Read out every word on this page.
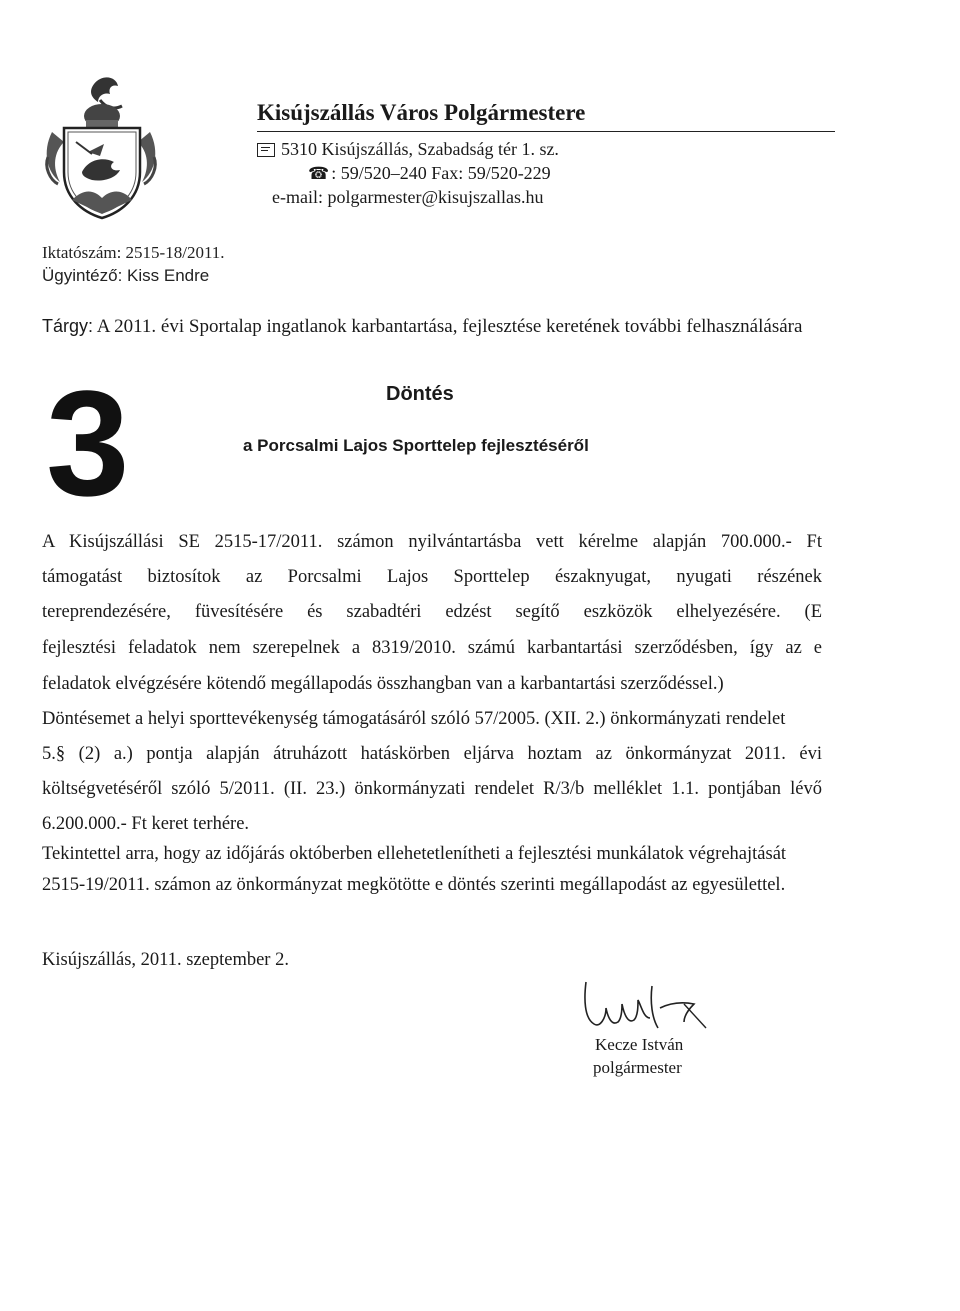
Kisújszállás Város Polgármestere
5310 Kisújszállás, Szabadság tér 1. sz.
☎ : 59/520–240 Fax: 59/520-229
e-mail: polgarmester@kisujszallas.hu
Iktatószám: 2515-18/2011.
Ügyintéző: Kiss Endre
Tárgy: A 2011. évi Sportalap ingatlanok karbantartása, fejlesztése keretének további felhasználására
3	Döntés
a Porcsalmi Lajos Sporttelep fejlesztéséről
A Kisújszállási SE 2515-17/2011. számon nyilvántartásba vett kérelme alapján 700.000.- Ft
támogatást biztosítok az Porcsalmi Lajos Sporttelep északnyugat, nyugati részének
tereprendezésére, füvesítésére és szabadtéri edzést segítő eszközök elhelyezésére. (E
fejlesztési feladatok nem szerepelnek a 8319/2010. számú karbantartási szerződésben, így az e
feladatok elvégzésére kötendő megállapodás összhangban van a karbantartási szerződéssel.)
Döntésemet a helyi sporttevékenység támogatásáról szóló 57/2005. (XII. 2.) önkormányzati rendelet
5.§ (2) a.) pontja alapján átruházott hatáskörben eljárva hoztam az önkormányzat 2011. évi
költségvetéséről szóló 5/2011. (II. 23.) önkormányzati rendelet R/3/b melléklet 1.1. pontjában lévő
6.200.000.- Ft keret terhére.
Tekintettel arra, hogy az időjárás októberben ellehetetlenítheti a fejlesztési munkálatok végrehajtását
2515-19/2011. számon az önkormányzat megkötötte e döntés szerinti megállapodást az egyesülettel.
Kisújszállás, 2011. szeptember 2.
Kecze István
polgármester
